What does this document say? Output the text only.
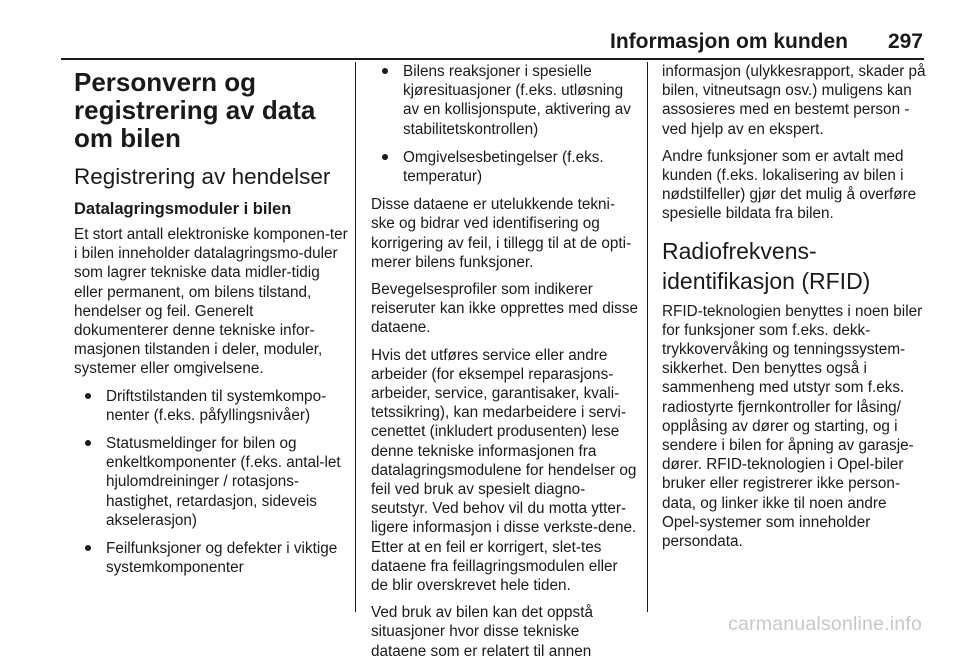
Informasjon om kunden 297
Personvern og registrering av data om bilen
Registrering av hendelser
Datalagringsmoduler i bilen

Et stort antall elektroniske komponen-ter i bilen inneholder datalagringsmo-duler som lagrer tekniske data midler-tidig eller permanent, om bilens tilstand, hendelser og feil. Generelt dokumenterer denne tekniske infor-masjonen tilstanden i deler, moduler, systemer eller omgivelsene.

Driftstilstanden til systemkompo-nenter (f.eks. påfyllingsnivåer)
Statusmeldinger for bilen og enkeltkomponenter (f.eks. antal-let hjulomdreininger / rotasjons-hastighet, retardasjon, sideveis akselerasjon)
Feilfunksjoner og defekter i viktige systemkomponenter
Bilens reaksjoner i spesielle kjøresituasjoner (f.eks. utløsning av en kollisjonspute, aktivering av stabilitetskontrollen)
Omgivelsesbetingelser (f.eks. temperatur)

Disse dataene er utelukkende tekni-ske og bidrar ved identifisering og korrigering av feil, i tillegg til at de opti-merer bilens funksjoner.

Bevegelsesprofiler som indikerer reiseruter kan ikke opprettes med disse dataene.

Hvis det utføres service eller andre arbeider (for eksempel reparasjons-arbeider, service, garantisaker, kvali-tetssikring), kan medarbeidere i servi-cenettet (inkludert produsenten) lese denne tekniske informasjonen fra datalagringsmodulene for hendelser og feil ved bruk av spesielt diagno-seutstyr. Ved behov vil du motta ytter-ligere informasjon i disse verkste-dene. Etter at en feil er korrigert, slet-tes dataene fra feillagringsmodulen eller de blir overskrevet hele tiden.

Ved bruk av bilen kan det oppstå situasjoner hvor disse tekniske dataene som er relatert til annen

informasjon (ulykkesrapport, skader på bilen, vitneutsagn osv.) muligens kan assosieres med en bestemt person - ved hjelp av en ekspert.

Andre funksjoner som er avtalt med kunden (f.eks. lokalisering av bilen i nødstilfeller) gjør det mulig å overføre spesielle bildata fra bilen.

Radiofrekvens-identifikasjon (RFID)

RFID-teknologien benyttes i noen biler for funksjoner som f.eks. dekk-trykkovervåking og tenningssystem-sikkerhet. Den benyttes også i sammenheng med utstyr som f.eks. radiostyrte fjernkontroller for låsing/ opplåsing av dører og starting, og i sendere i bilen for åpning av garasje-dører. RFID-teknologien i Opel-biler bruker eller registrerer ikke person-data, og linker ikke til noen andre Opel-systemer som inneholder persondata.

carmanualsonline.info
